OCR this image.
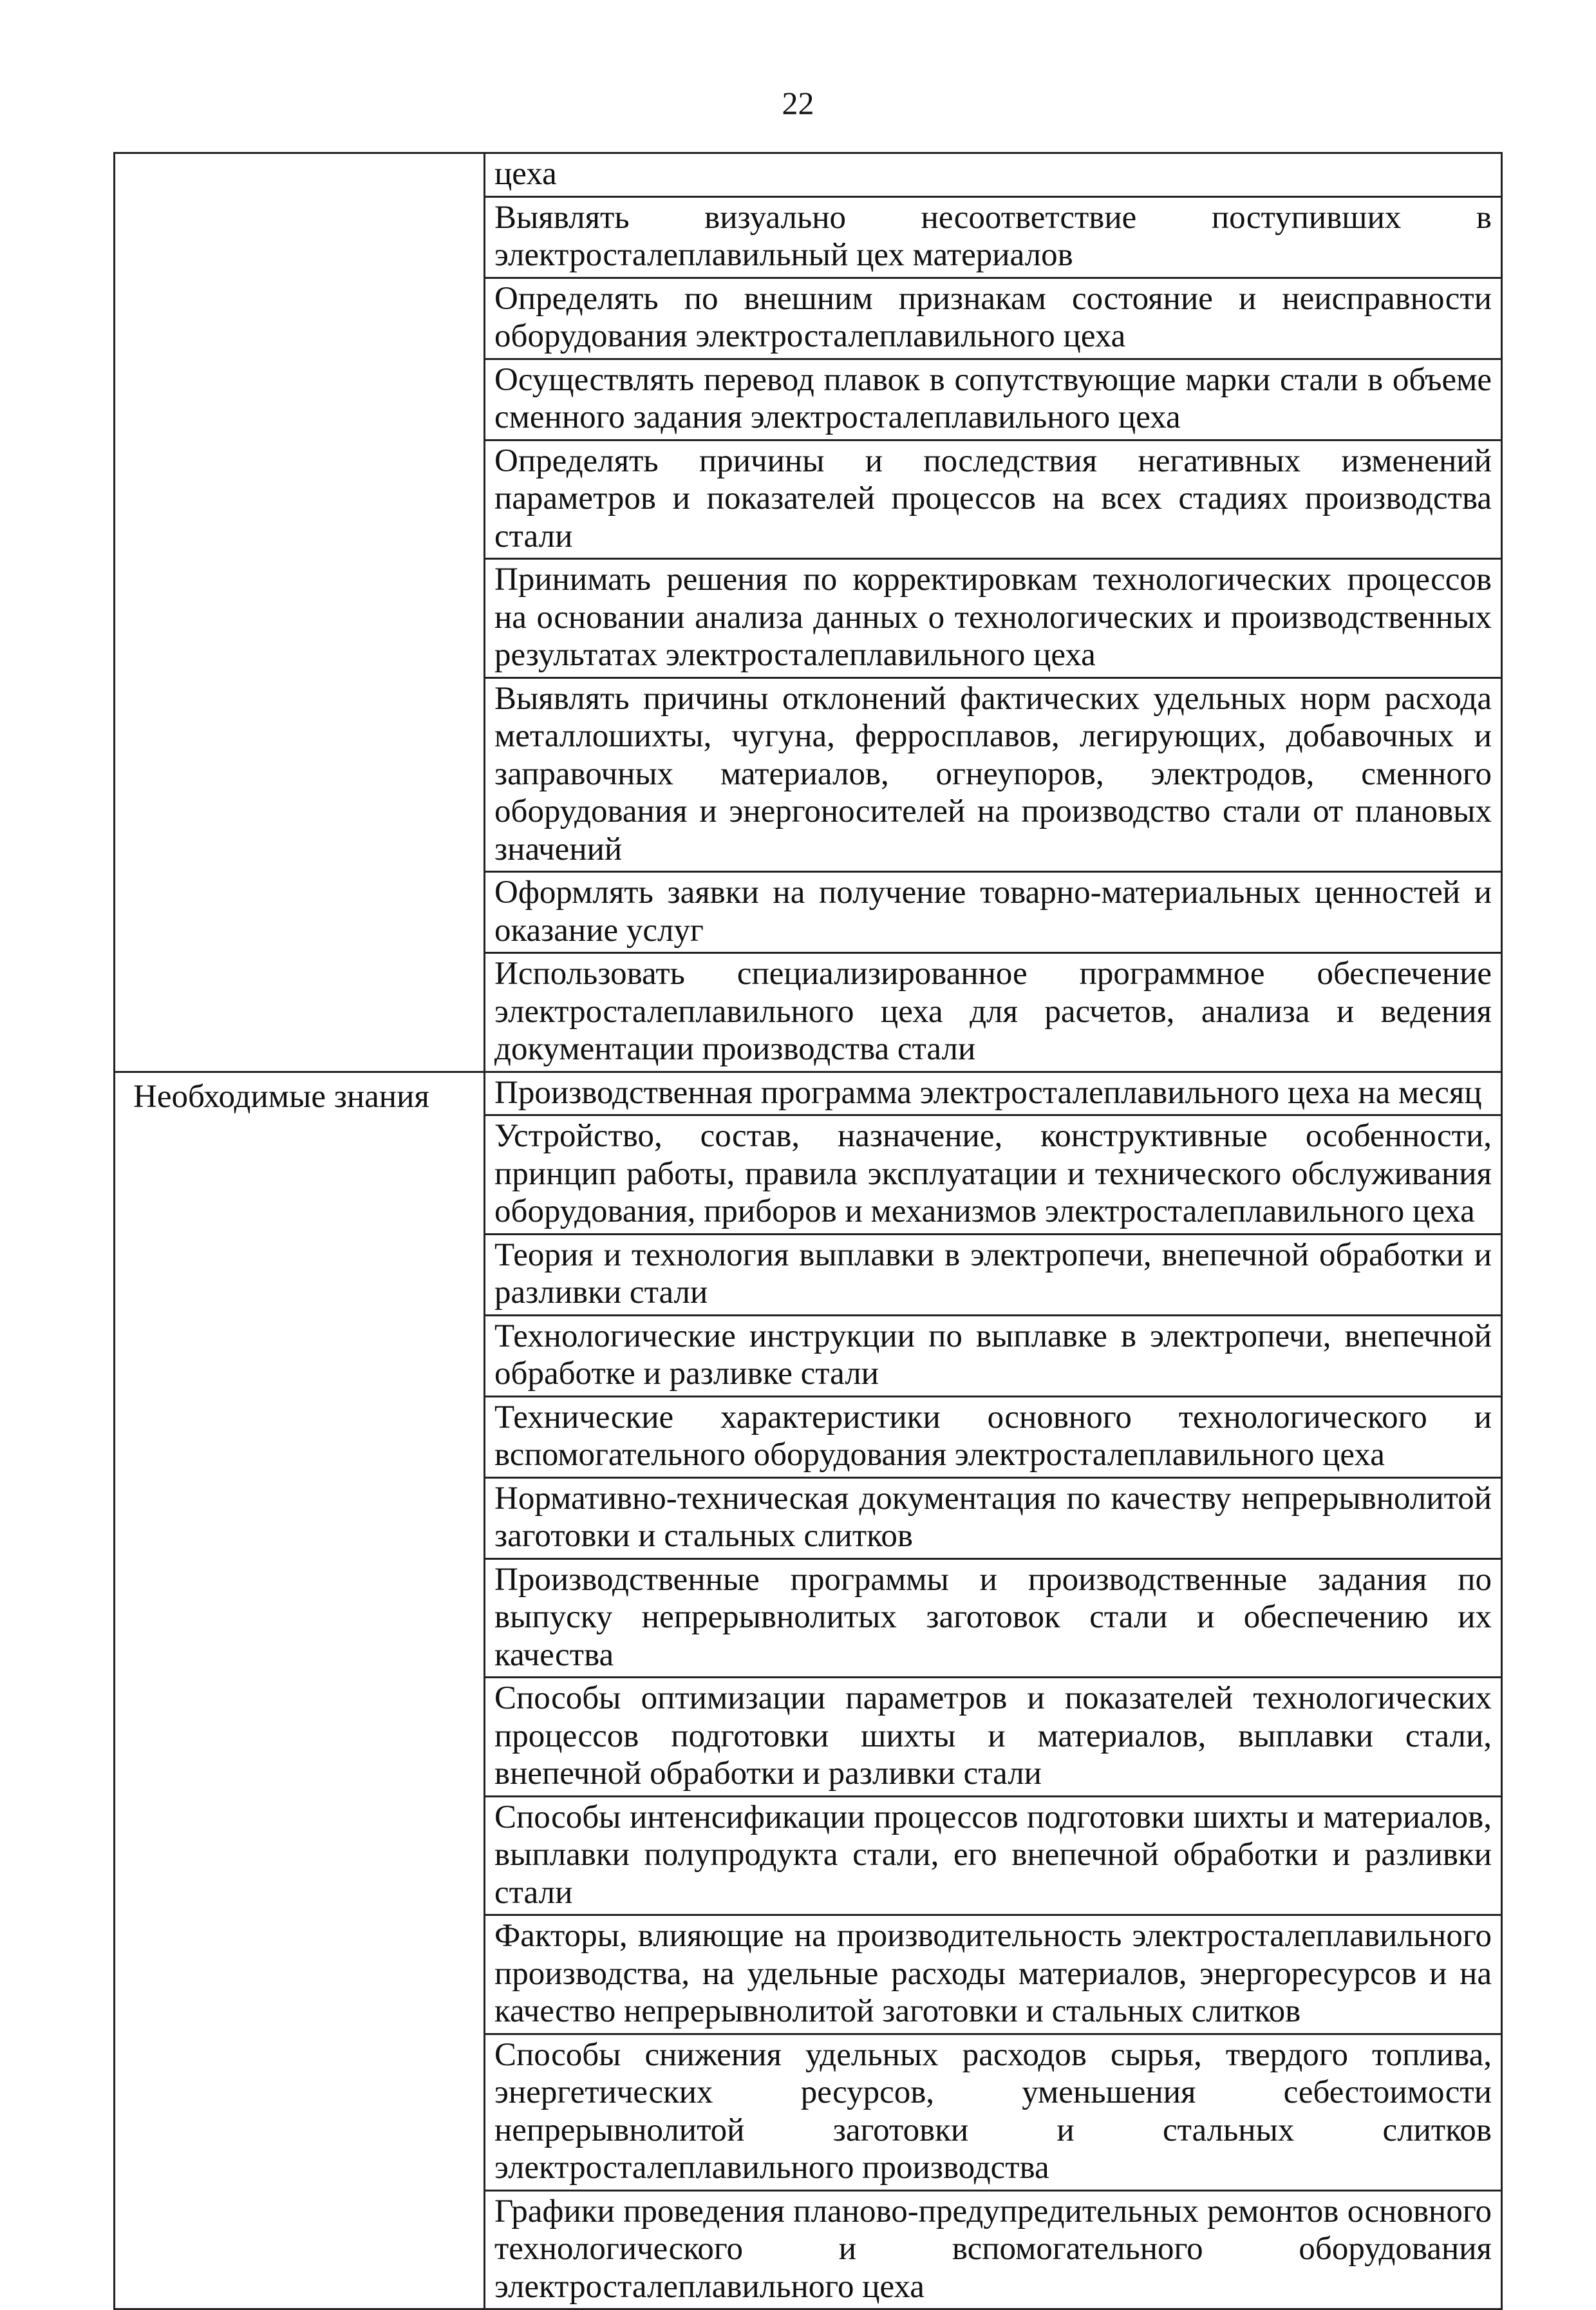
22

	цеха

	Выявлять визуально несоответствие поступивших в электросталеплавильный цех материалов

	Определять по внешним признакам состояние и неисправности оборудования электросталеплавильного цеха

	Осуществлять перевод плавок в сопутствующие марки стали в объеме сменного задания электросталеплавильного цеха

	Определять причины и последствия негативных изменений параметров и показателей процессов на всех стадиях производства стали

	Принимать решения по корректировкам технологических процессов на основании анализа данных о технологических и производственных результатах электросталеплавильного цеха

	Выявлять причины отклонений фактических удельных норм расхода металлошихты, чугуна, ферросплавов, легирующих, добавочных и заправочных материалов, огнеупоров, электродов, сменного оборудования и энергоносителей на производство стали от плановых значений

	Оформлять заявки на получение товарно-материальных ценностей и оказание услуг

	Использовать специализированное программное обеспечение электросталеплавильного цеха для расчетов, анализа и ведения документации производства стали

Необходимые знания	Производственная программа электросталеплавильного цеха на месяц

	Устройство, состав, назначение, конструктивные особенности, принцип работы, правила эксплуатации и технического обслуживания оборудования, приборов и механизмов электросталеплавильного цеха

	Теория и технология выплавки в электропечи, внепечной обработки и разливки стали

	Технологические инструкции по выплавке в электропечи, внепечной обработке и разливке стали

	Технические характеристики основного технологического и вспомогательного оборудования электросталеплавильного цеха

	Нормативно-техническая документация по качеству непрерывнолитой заготовки и стальных слитков

	Производственные программы и производственные задания по выпуску непрерывнолитых заготовок стали и обеспечению их качества

	Способы оптимизации параметров и показателей технологических процессов подготовки шихты и материалов, выплавки стали, внепечной обработки и разливки стали

	Способы интенсификации процессов подготовки шихты и материалов, выплавки полупродукта стали, его внепечной обработки и разливки стали

	Факторы, влияющие на производительность электросталеплавильного производства, на удельные расходы материалов, энергоресурсов и на качество непрерывнолитой заготовки и стальных слитков

	Способы снижения удельных расходов сырья, твердого топлива, энергетических ресурсов, уменьшения себестоимости непрерывнолитой заготовки и стальных слитков электросталеплавильного производства

	Графики проведения планово-предупредительных ремонтов основного технологического и вспомогательного оборудования электросталеплавильного цеха
